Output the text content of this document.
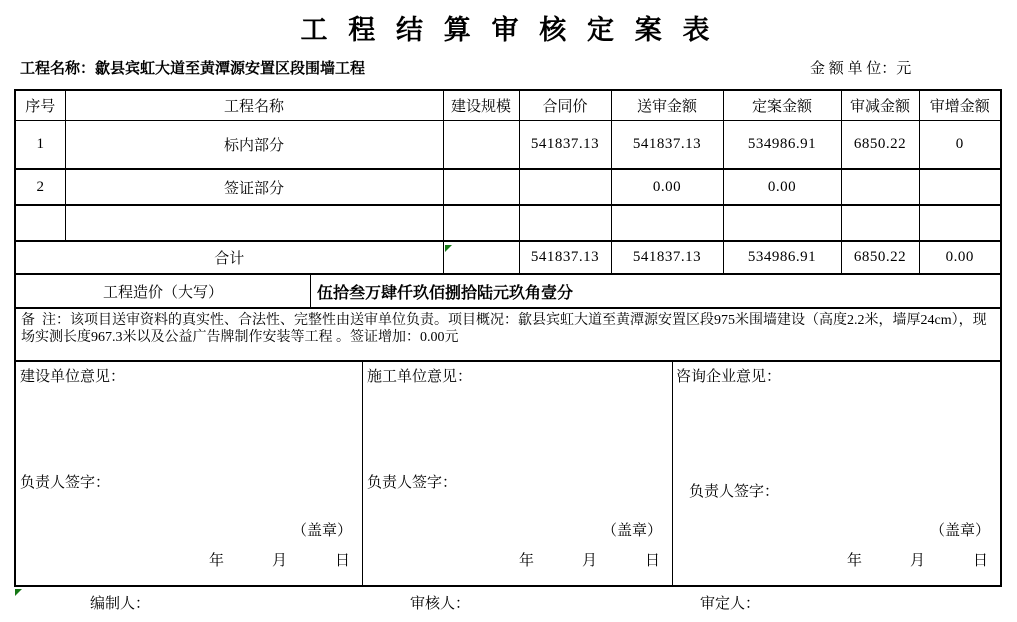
工 程 结 算 审 核 定 案 表
工程名称：歙县宾虹大道至黄潭源安置区段围墙工程	金 额 单 位：元
序号	工程名称	建设规模	合同价	送审金额	定案金额	审减金额	审增金额
1	标内部分		541837.13	541837.13	534986.91	6850.22	0
2	签证部分			0.00	0.00		

合计			541837.13	541837.13	534986.91	6850.22	0.00

工程造价（大写） 伍拾叁万肆仟玖佰捌拾陆元玖角壹分							

备  注：该项目送审资料的真实性、合法性、完整性由送审单位负责。项目概况：歙县宾虹大道至黄潭源安置区段975米围墙建设（高度2.2米，墙厚24cm），现场实测长度967.3米以及公益广告牌制作安装等工程 。签证增加：0.00元							

建设单位意见：
负责人签字：
（盖章）
年	月	日
施工单位意见：
负责人签字：
（盖章）
年	月	日
咨询企业意见：
负责人签字：
（盖章）
年	月	日
编制人：	审核人：	审定人：
